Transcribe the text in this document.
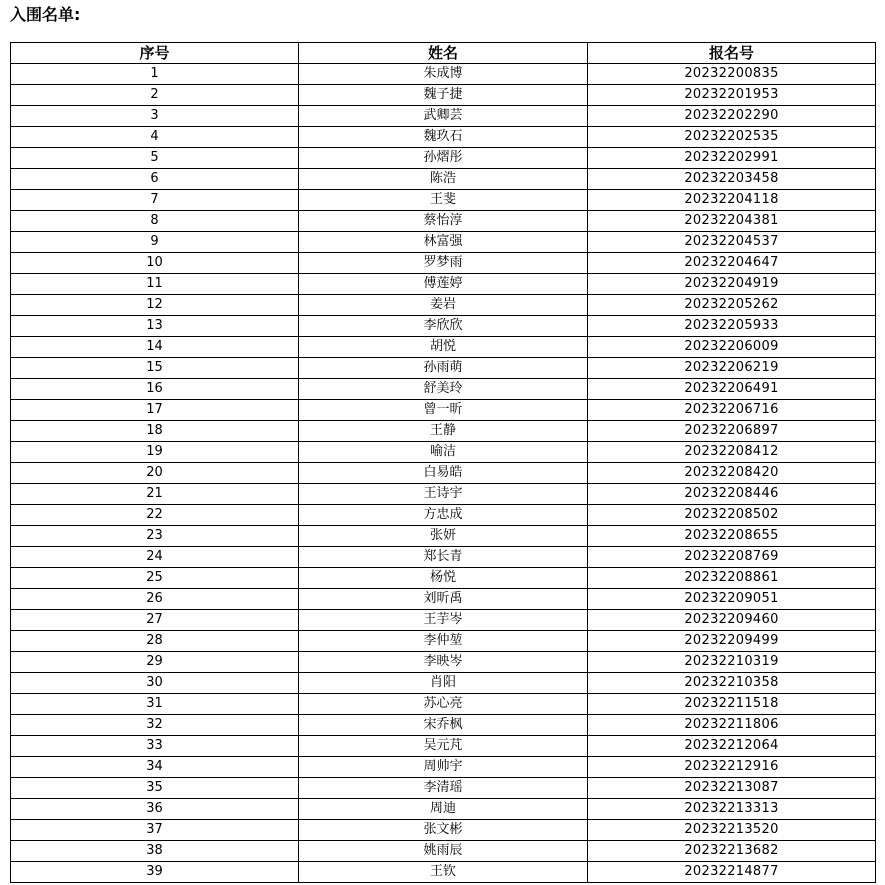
入围名单:
序号	姓名	报名号
1	朱成博	20232200835
2	魏子捷	20232201953
3	武卿芸	20232202290
4	魏玖石	20232202535
5	孙熠彤	20232202991
6	陈浩	20232203458
7	王斐	20232204118
8	蔡怡淳	20232204381
9	林富强	20232204537
10	罗梦雨	20232204647
11	傅莲婷	20232204919
12	姜岩	20232205262
13	李欣欣	20232205933
14	胡悦	20232206009
15	孙雨萌	20232206219
16	舒美玲	20232206491
17	曾一昕	20232206716
18	王静	20232206897
19	喻洁	20232208412
20	白易皓	20232208420
21	王诗宇	20232208446
22	方忠成	20232208502
23	张妍	20232208655
24	郑长青	20232208769
25	杨悦	20232208861
26	刘昕禹	20232209051
27	王芋岑	20232209460
28	李仲堃	20232209499
29	李映岑	20232210319
30	肖阳	20232210358
31	苏心亮	20232211518
32	宋乔枫	20232211806
33	吴元芃	20232212064
34	周帅宇	20232212916
35	李清瑶	20232213087
36	周迪	20232213313
37	张文彬	20232213520
38	姚雨辰	20232213682
39	王钦	20232214877
